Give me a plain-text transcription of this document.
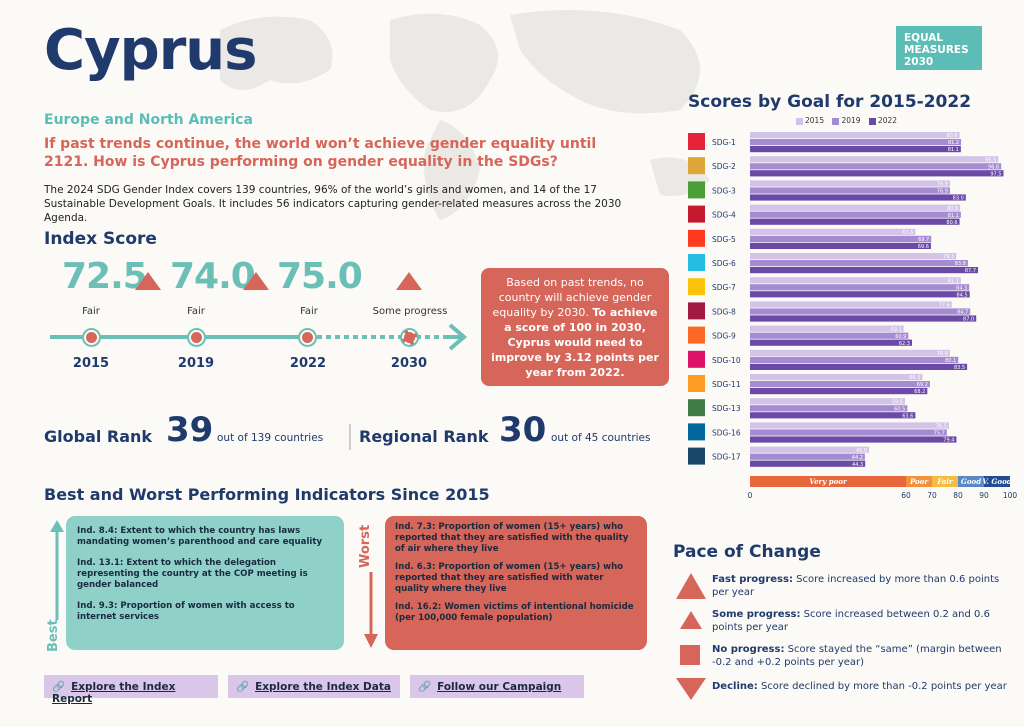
Cyprus	EQUAL
MEASURES
2030
Europe and North America
If past trends continue, the world won’t achieve gender equality until 2121. How is Cyprus performing on gender equality in the SDGs?
The 2024 SDG Gender Index covers 139 countries, 96% of the world’s girls and women, and 14 of the 17 Sustainable Development Goals. It includes 56 indicators capturing gender-related measures across the 2030 Agenda.
Index Score
72.5 74.0 75.0
Fair	Fair	Fair	Some progress
2015	2019	2022	2030
Based on past trends, no country will achieve gender equality by 2030. To achieve a score of 100 in 2030, Cyprus would need to improve by 3.12 points per year from 2022.
Global Rank 39 out of 139 countries Regional Rank 30 out of 45 countries
Best and Worst Performing Indicators Since 2015
Best
Ind. 8.4: Extent to which the country has laws mandating women’s parenthood and care equality
Ind. 13.1: Extent to which the delegation representing the country at the COP meeting is gender balanced
Ind. 9.3: Proportion of women with access to internet services
Worst	Ind. 7.3: Proportion of women (15+ years) who reported that they are satisfied with the quality of air where they live
Ind. 6.3: Proportion of women (15+ years) who reported that they are satisfied with water quality where they live
Ind. 16.2: Women victims of intentional homicide (per 100,000 female population)
🔗 Explore the Index Report
🔗 Explore the Index Data	🔗 Follow our Campaign
Scores by Goal for 2015-2022
2015 2019 2022
SDG-1
80.6
81.2
81.1
SDG-2
95.5
96.6
97.5
SDG-3
76.9
76.9
83.0
SDG-4
80.8
81.1
80.6
SDG-5
63.6
69.7
69.6
SDG-6
79.3
83.8
87.7
SDG-7
81.1
84.3
84.5
SDG-8
77.6
84.7
87.0
SDG-9
59.1
60.9
62.3
SDG-10
76.9
80.1
83.5
SDG-11
66.3
69.2
68.2
SDG-13
59.6
60.5
63.6
SDG-16
76.5
75.7
79.4
SDG-17
45.8
44.2
44.3
Very poor	Poor Fair Good V. Good
0	60 70 80 90 100
Pace of Change
Fast progress: Score increased by more than 0.6 points per year
Some progress: Score increased between 0.2 and 0.6 points per year
No progress: Score stayed the “same” (margin between -0.2 and +0.2 points per year)
Decline: Score declined by more than -0.2 points per year
